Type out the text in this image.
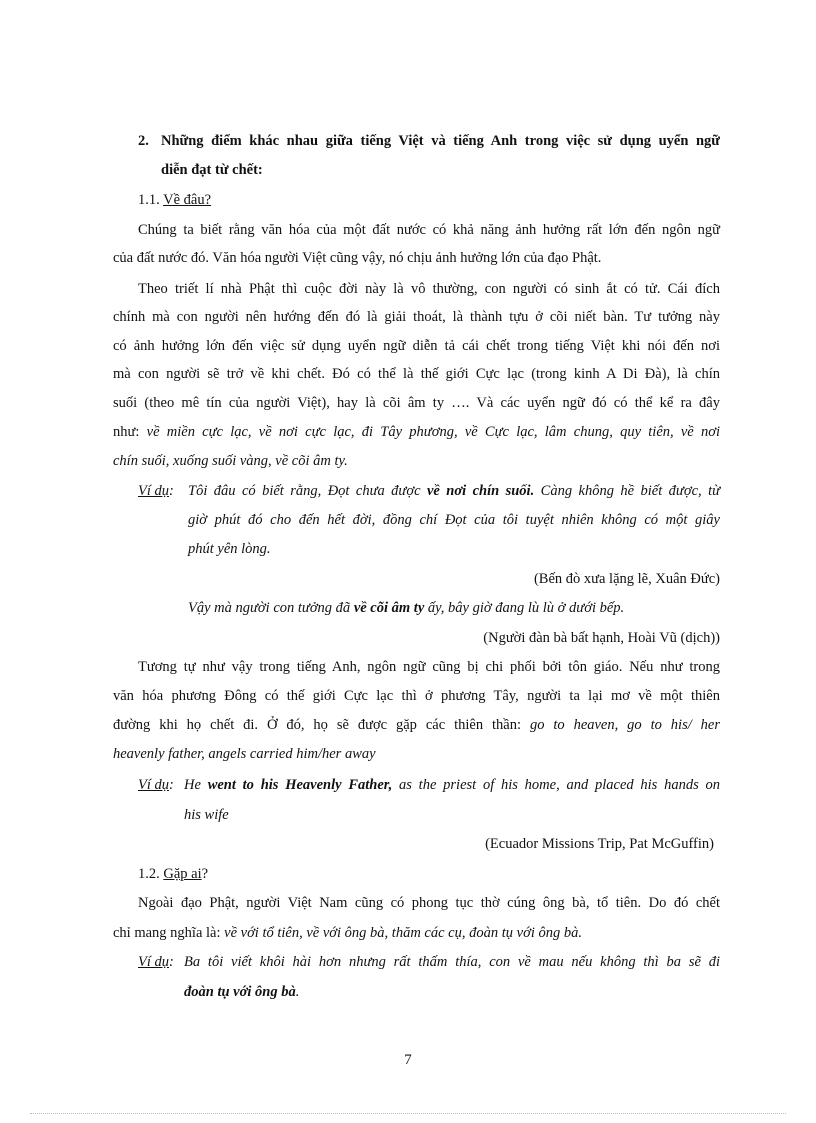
2. Những điểm khác nhau giữa tiếng Việt và tiếng Anh trong việc sử dụng uyển ngữ
diễn đạt từ chết:
1.1. Về đâu?
Chúng ta biết rằng văn hóa của một đất nước có khả năng ảnh hưởng rất lớn đến ngôn ngữ
của đất nước đó. Văn hóa người Việt cũng vậy, nó chịu ảnh hưởng lớn của đạo Phật.
Theo triết lí nhà Phật thì cuộc đời này là vô thường, con người có sinh ắt có tử. Cái đích
chính mà con người nên hướng đến đó là giải thoát, là thành tựu ở cõi niết bàn. Tư tưởng này
có ảnh hưởng lớn đến việc sử dụng uyển ngữ diễn tả cái chết trong tiếng Việt khi nói đến nơi
mà con người sẽ trở về khi chết. Đó có thể là thế giới Cực lạc (trong kinh A Di Đà), là chín
suối (theo mê tín của người Việt), hay là cõi âm ty …. Và các uyển ngữ đó có thể kể ra đây
như: về miền cực lạc, về nơi cực lạc, đi Tây phương, về Cực lạc, lâm chung, quy tiên, về nơi
chín suối, xuống suối vàng, về cõi âm ty.
Ví dụ: Tôi đâu có biết rằng, Đọt chưa được về nơi chín suối. Càng không hề biết được, từ
giờ phút đó cho đến hết đời, đồng chí Đọt của tôi tuyệt nhiên không có một giây
phút yên lòng.
(Bến đò xưa lặng lẽ, Xuân Đức)
Vậy mà người con tưởng đã về cõi âm ty ấy, bây giờ đang lù lù ở dưới bếp.
(Người đàn bà bất hạnh, Hoài Vũ (dịch))
Tương tự như vậy trong tiếng Anh, ngôn ngữ cũng bị chi phối bởi tôn giáo. Nếu như trong
văn hóa phương Đông có thế giới Cực lạc thì ở phương Tây, người ta lại mơ về một thiên
đường khi họ chết đi. Ở đó, họ sẽ được gặp các thiên thần: go to heaven, go to his/ her
heavenly father, angels carried him/her away
Ví dụ: He went to his Heavenly Father, as the priest of his home, and placed his hands on
his wife
(Ecuador Missions Trip, Pat McGuffin)
1.2. Gặp ai?
Ngoài đạo Phật, người Việt Nam cũng có phong tục thờ cúng ông bà, tổ tiên. Do đó chết
chỉ mang nghĩa là: về với tổ tiên, về với ông bà, thăm các cụ, đoàn tụ với ông bà.
Ví dụ: Ba tôi viết khôi hài hơn nhưng rất thấm thía, con về mau nếu không thì ba sẽ đi
đoàn tụ với ông bà.
7
